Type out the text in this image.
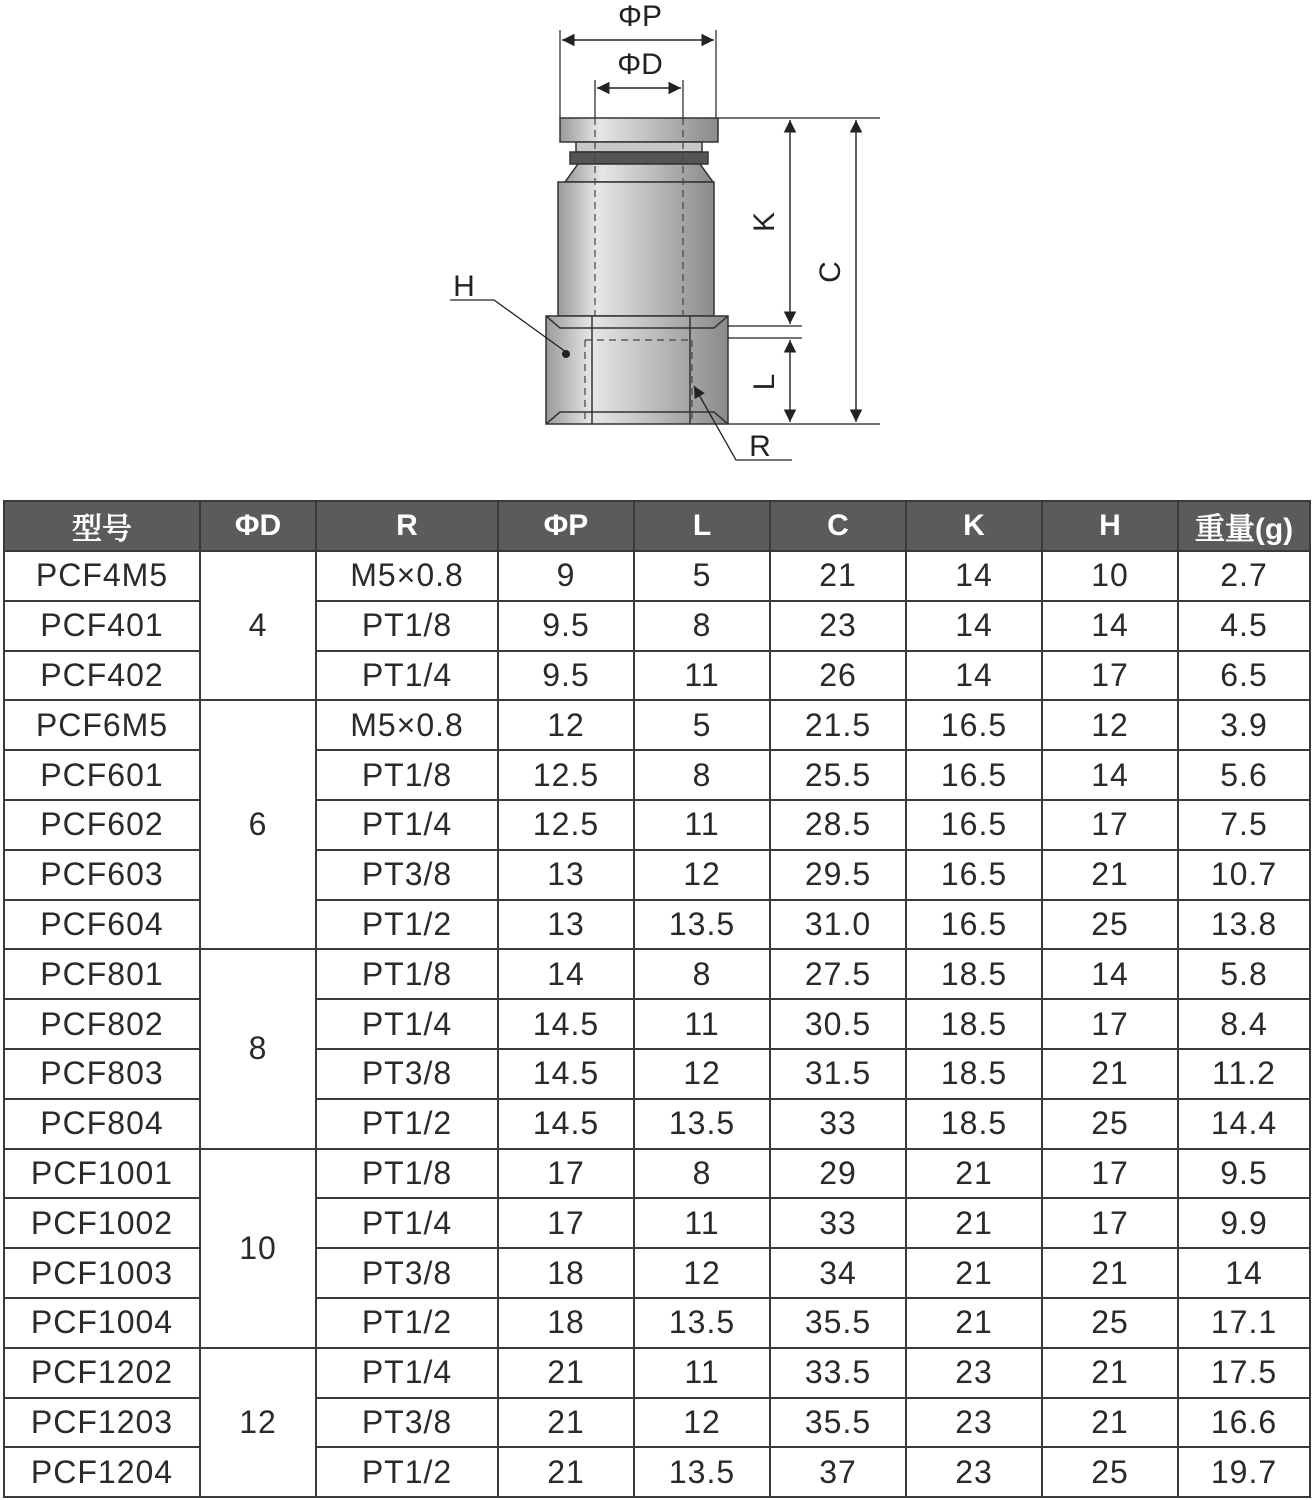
ΦP
ΦD
K
C
L
H
R
型号	ΦD	R	ΦP	L	C	K	H	重量(g)
PCF4M5	4	M5×0.8	9	5	21	14	10	2.7
PCF401		PT1/8	9.5	8	23	14	14	4.5
PCF402		PT1/4	9.5	11	26	14	17	6.5
PCF6M5	6	M5×0.8	12	5	21.5	16.5	12	3.9
PCF601		PT1/8	12.5	8	25.5	16.5	14	5.6
PCF602		PT1/4	12.5	11	28.5	16.5	17	7.5
PCF603		PT3/8	13	12	29.5	16.5	21	10.7
PCF604		PT1/2	13	13.5	31.0	16.5	25	13.8
PCF801	8	PT1/8	14	8	27.5	18.5	14	5.8
PCF802		PT1/4	14.5	11	30.5	18.5	17	8.4
PCF803		PT3/8	14.5	12	31.5	18.5	21	11.2
PCF804		PT1/2	14.5	13.5	33	18.5	25	14.4
PCF1001	10	PT1/8	17	8	29	21	17	9.5
PCF1002		PT1/4	17	11	33	21	17	9.9
PCF1003		PT3/8	18	12	34	21	21	14
PCF1004		PT1/2	18	13.5	35.5	21	25	17.1
PCF1202	12	PT1/4	21	11	33.5	23	21	17.5
PCF1203		PT3/8	21	12	35.5	23	21	16.6
PCF1204		PT1/2	21	13.5	37	23	25	19.7
